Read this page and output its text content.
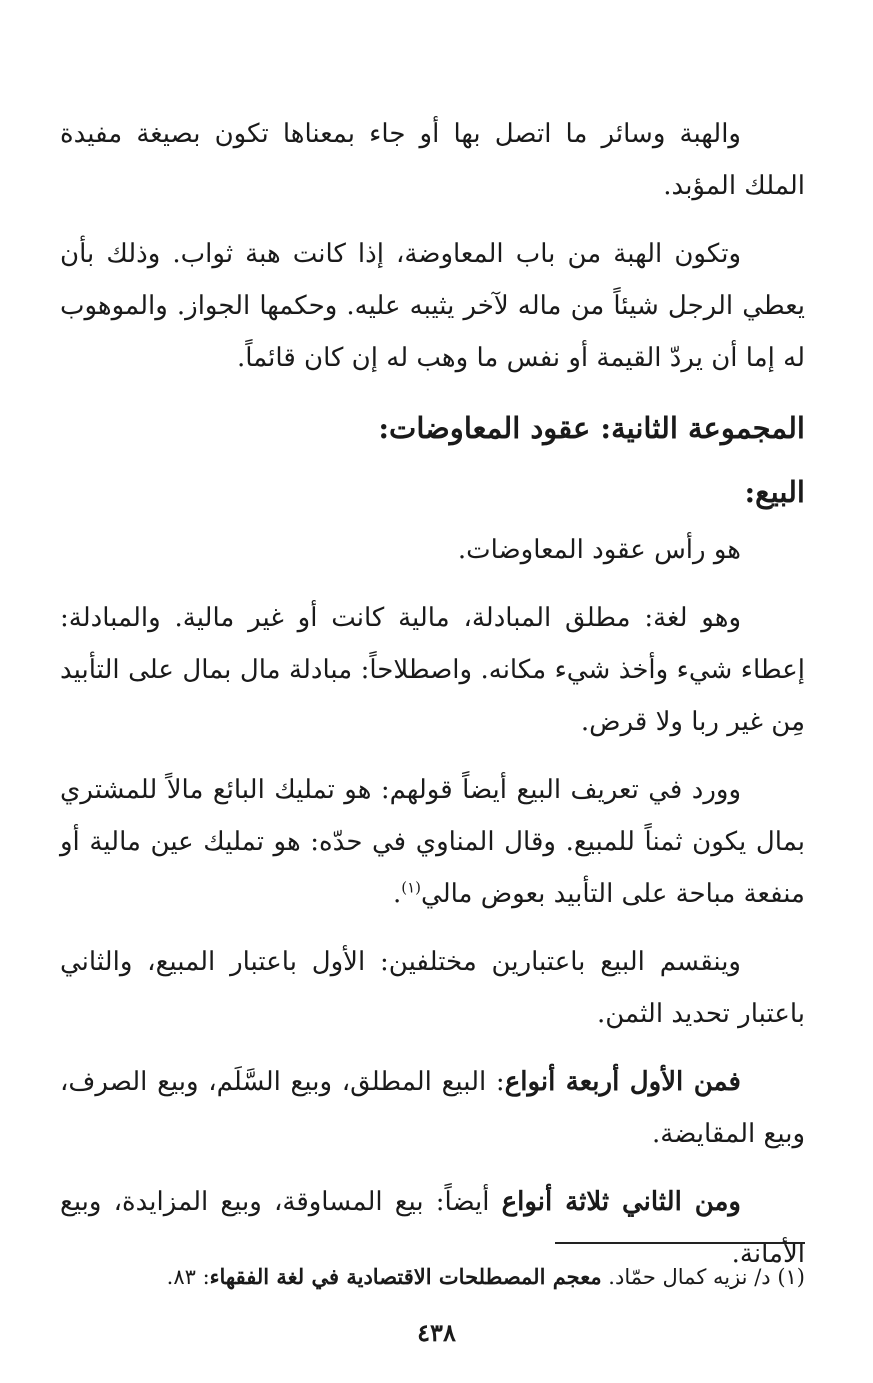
والهبة وسائر ما اتصل بها أو جاء بمعناها تكون بصيغة مفيدة الملك المؤبد.

وتكون الهبة من باب المعاوضة، إذا كانت هبة ثواب. وذلك بأن يعطي الرجل شيئاً من ماله لآخر يثيبه عليه. وحكمها الجواز. والموهوب له إما أن يردّ القيمة أو نفس ما وهب له إن كان قائماً.

المجموعة الثانية: عقود المعاوضات:
البيع:

هو رأس عقود المعاوضات.

وهو لغة: مطلق المبادلة، مالية كانت أو غير مالية. والمبادلة: إعطاء شيء وأخذ شيء مكانه. واصطلاحاً: مبادلة مال بمال على التأبيد مِن غير ربا ولا قرض.

وورد في تعريف البيع أيضاً قولهم: هو تمليك البائع مالاً للمشتري بمال يكون ثمناً للمبيع. وقال المناوي في حدّه: هو تمليك عين مالية أو منفعة مباحة على التأبيد بعوض مالي$^{(١)}$.

وينقسم البيع باعتبارين مختلفين: الأول باعتبار المبيع، والثاني باعتبار تحديد الثمن.

فمن الأول أربعة أنواع: البيع المطلق، وبيع السَّلَم، وبيع الصرف، وبيع المقايضة.

ومن الثاني ثلاثة أنواع أيضاً: بيع المساوقة، وبيع المزايدة، وبيع الأمانة.

(١) د/ نزيه كمال حمّاد. معجم المصطلحات الاقتصادية في لغة الفقهاء: ٨٣.
٤٣٨
